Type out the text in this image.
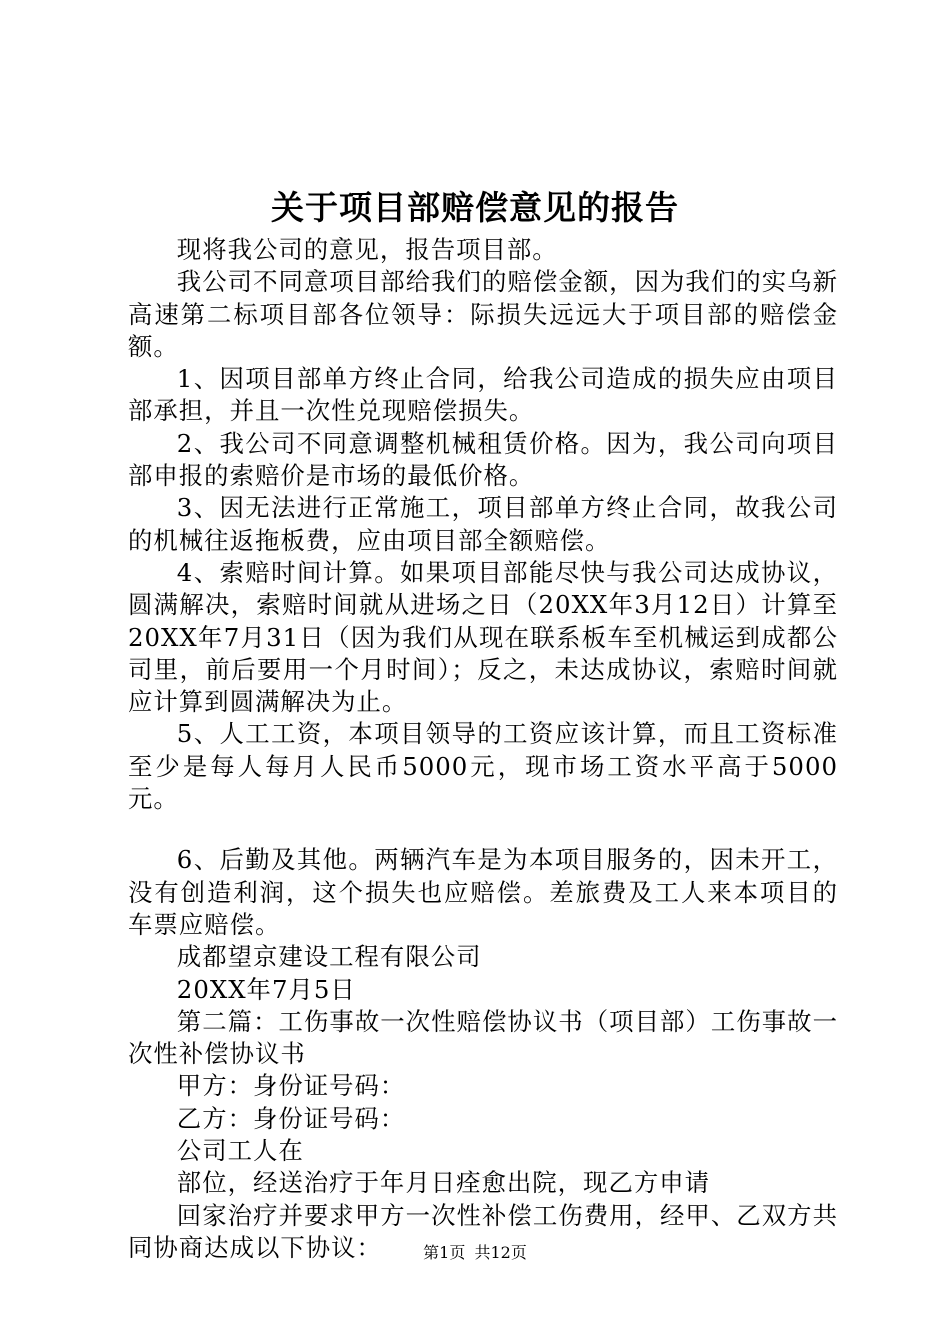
关于项目部赔偿意见的报告

现将我公司的意见，报告项目部。

我公司不同意项目部给我们的赔偿金额，因为我们的实乌新高速第二标项目部各位领导：际损失远远大于项目部的赔偿金额。

1、因项目部单方终止合同，给我公司造成的损失应由项目部承担，并且一次性兑现赔偿损失。

2、我公司不同意调整机械租赁价格。因为，我公司向项目部申报的索赔价是市场的最低价格。

3、因无法进行正常施工，项目部单方终止合同，故我公司的机械往返拖板费，应由项目部全额赔偿。

4、索赔时间计算。如果项目部能尽快与我公司达成协议，圆满解决，索赔时间就从进场之日（20XX年3月12日）计算至20XX年7月31日（因为我们从现在联系板车至机械运到成都公司里，前后要用一个月时间）；反之，未达成协议，索赔时间就应计算到圆满解决为止。

5、人工工资，本项目领导的工资应该计算，而且工资标准至少是每人每月人民币5000元，现市场工资水平高于5000元。

6、后勤及其他。两辆汽车是为本项目服务的，因未开工，没有创造利润，这个损失也应赔偿。差旅费及工人来本项目的车票应赔偿。

成都望京建设工程有限公司

20XX年7月5日

第二篇：工伤事故一次性赔偿协议书（项目部）工伤事故一次性补偿协议书

甲方：身份证号码：

乙方：身份证号码：

公司工人在

部位，经送治疗于年月日痊愈出院，现乙方申请

回家治疗并要求甲方一次性补偿工伤费用，经甲、乙双方共同协商达成以下协议：	第1页 共12页
